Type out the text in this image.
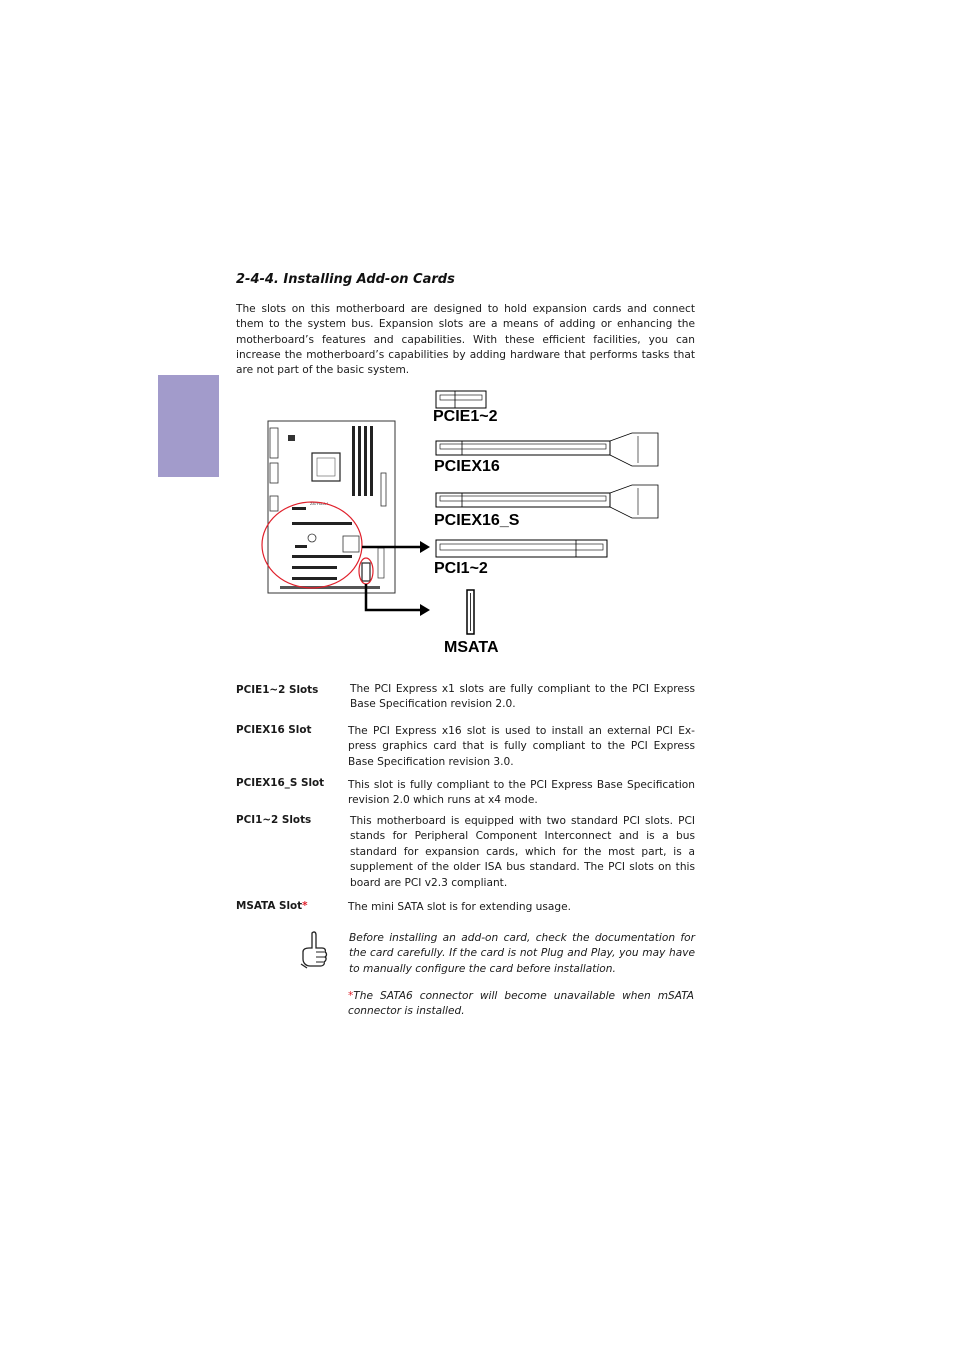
2-4-4. Installing Add-on Cards
The slots on this motherboard are designed to hold expansion cards and connect them to the system bus. Expansion slots are a means of adding or enhancing the motherboard’s features and capabilities. With these efficient facilities, you can increase the motherboard’s capabilities by adding hardware that performs tasks that are not part of the basic system.
Z87H3-A4
PCIE1~2
PCIEX16
PCIEX16_S
PCI1~2
MSATA
PCIE1~2 Slots	The PCI Express x1 slots are fully compliant to the PCI Express Base Specification revision 2.0.
PCIEX16 Slot	The PCI Express x16 slot is used to install an external PCI Ex-press graphics card that is fully compliant to the PCI Express Base Specification revision 3.0.
PCIEX16_S Slot This slot is fully compliant to the PCI Express Base Specification revision 2.0 which runs at x4 mode.
PCI1~2 Slots	This motherboard is equipped with two standard PCI slots. PCI stands for Peripheral Component Interconnect and is a bus standard for expansion cards, which for the most part, is a supplement of the older ISA bus standard. The PCI slots on this board are PCI v2.3 compliant.
MSATA Slot*	The mini SATA slot is for extending usage.
Before installing an add-on card, check the documentation for the card carefully. If the card is not Plug and Play, you may have to manually configure the card before installation.
*The SATA6 connector will become unavailable when mSATA connector is installed.
